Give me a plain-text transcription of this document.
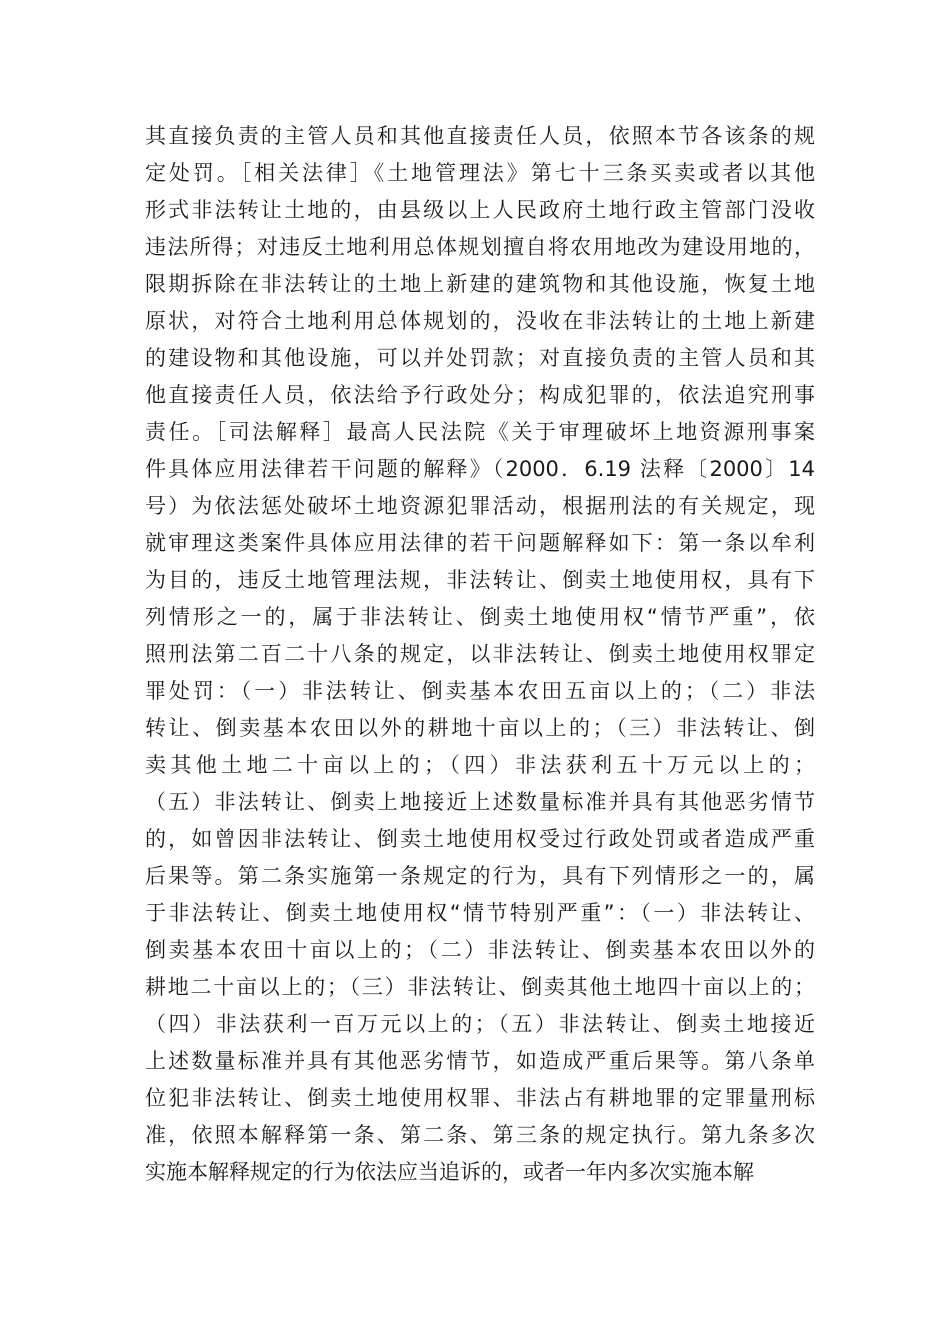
其直接负责的主管人员和其他直接责任人员，依照本节各该条的规
定处罚。［相关法律］《土地管理法》第七十三条买卖或者以其他
形式非法转让土地的，由县级以上人民政府土地行政主管部门没收
违法所得；对违反土地利用总体规划擅自将农用地改为建设用地的，
限期拆除在非法转让的土地上新建的建筑物和其他设施，恢复土地
原状，对符合土地利用总体规划的，没收在非法转让的土地上新建
的建设物和其他设施，可以并处罚款；对直接负责的主管人员和其
他直接责任人员，依法给予行政处分；构成犯罪的，依法追究刑事
责任。［司法解释］最高人民法院《关于审理破坏上地资源刑事案
件具体应用法律若干问题的解释》（2000．6.19 法释〔2000〕14
号）为依法惩处破坏土地资源犯罪活动，根据刑法的有关规定，现
就审理这类案件具体应用法律的若干问题解释如下：第一条以牟利
为目的，违反土地管理法规，非法转让、倒卖土地使用权，具有下
列情形之一的，属于非法转让、倒卖土地使用权“情节严重”，依
照刑法第二百二十八条的规定，以非法转让、倒卖土地使用权罪定
罪处罚：（一）非法转让、倒卖基本农田五亩以上的；（二）非法
转让、倒卖基本农田以外的耕地十亩以上的；（三）非法转让、倒
卖其他土地二十亩以上的；（四）非法获利五十万元以上的；
（五）非法转让、倒卖上地接近上述数量标准并具有其他恶劣情节
的，如曾因非法转让、倒卖土地使用权受过行政处罚或者造成严重
后果等。第二条实施第一条规定的行为，具有下列情形之一的，属
于非法转让、倒卖土地使用权“情节特别严重”：（一）非法转让、
倒卖基本农田十亩以上的；（二）非法转让、倒卖基本农田以外的
耕地二十亩以上的；（三）非法转让、倒卖其他土地四十亩以上的；
（四）非法获利一百万元以上的；（五）非法转让、倒卖土地接近
上述数量标准并具有其他恶劣情节，如造成严重后果等。第八条单
位犯非法转让、倒卖土地使用权罪、非法占有耕地罪的定罪量刑标
准，依照本解释第一条、第二条、第三条的规定执行。第九条多次
实施本解释规定的行为依法应当追诉的，或者一年内多次实施本解
